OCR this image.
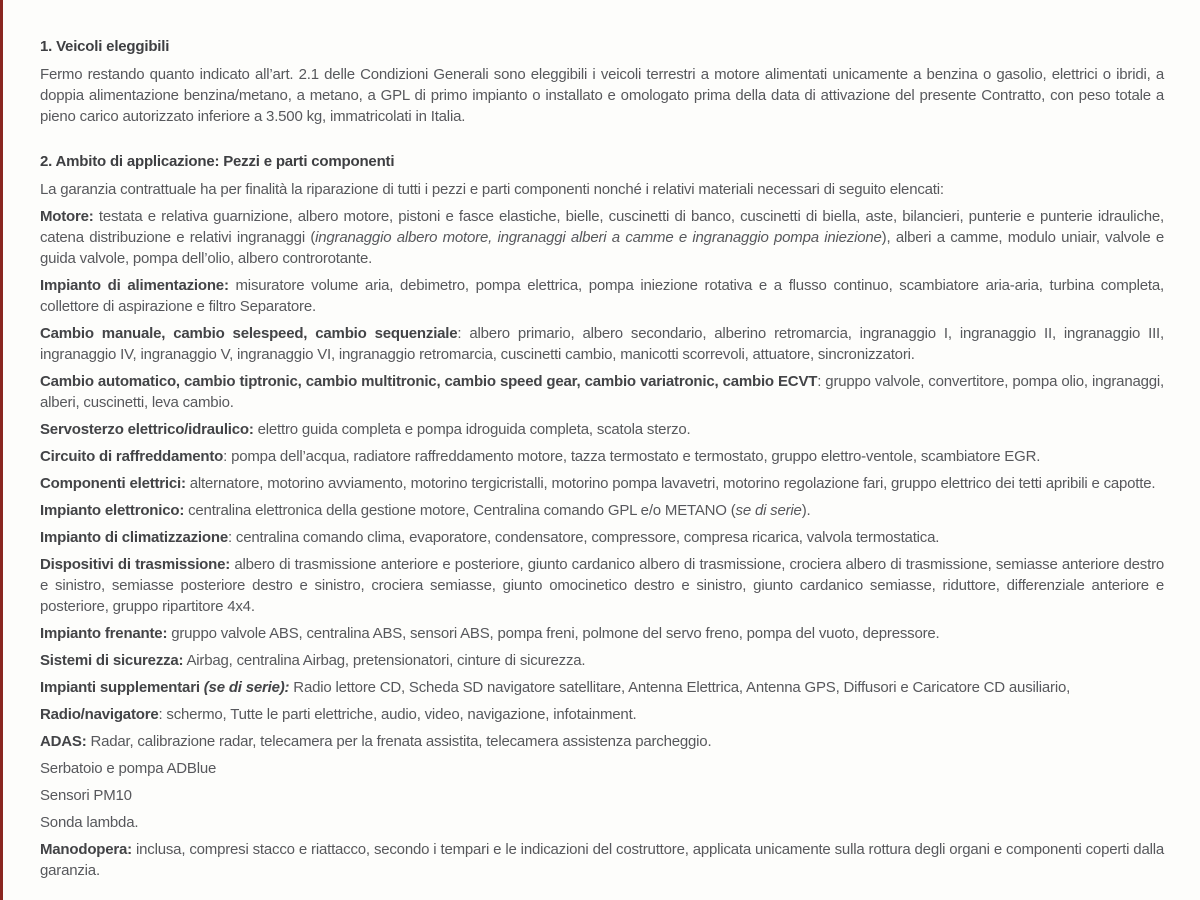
1. Veicoli eleggibili

Fermo restando quanto indicato all’art. 2.1 delle Condizioni Generali sono eleggibili i veicoli terrestri a motore alimentati unicamente a benzina o gasolio, elettrici o ibridi, a doppia alimentazione benzina/metano, a metano, a GPL di primo impianto o installato e omologato prima della data di attivazione del presente Contratto, con peso totale a pieno carico autorizzato inferiore a 3.500 kg, immatricolati in Italia.

2. Ambito di applicazione: Pezzi e parti componenti

La garanzia contrattuale ha per finalità la riparazione di tutti i pezzi e parti componenti nonché i relativi materiali necessari di seguito elencati:

Motore: testata e relativa guarnizione, albero motore, pistoni e fasce elastiche, bielle, cuscinetti di banco, cuscinetti di biella, aste, bilancieri, punterie e punterie idrauliche, catena distribuzione e relativi ingranaggi (ingranaggio albero motore, ingranaggi alberi a camme e ingranaggio pompa iniezione), alberi a camme, modulo uniair, valvole e guida valvole, pompa dell’olio, albero controrotante.

Impianto di alimentazione: misuratore volume aria, debimetro, pompa elettrica, pompa iniezione rotativa e a flusso continuo, scambiatore aria-aria, turbina completa, collettore di aspirazione e filtro Separatore.

Cambio manuale, cambio selespeed, cambio sequenziale: albero primario, albero secondario, alberino retromarcia, ingranaggio I, ingranaggio II, ingranaggio III, ingranaggio IV, ingranaggio V, ingranaggio VI, ingranaggio retromarcia, cuscinetti cambio, manicotti scorrevoli, attuatore, sincronizzatori.

Cambio automatico, cambio tiptronic, cambio multitronic, cambio speed gear, cambio variatronic, cambio ECVT: gruppo valvole, convertitore, pompa olio, ingranaggi, alberi, cuscinetti, leva cambio.

Servosterzo elettrico/idraulico: elettro guida completa e pompa idroguida completa, scatola sterzo.

Circuito di raffreddamento: pompa dell’acqua, radiatore raffreddamento motore, tazza termostato e termostato, gruppo elettro-ventole, scambiatore EGR.

Componenti elettrici: alternatore, motorino avviamento, motorino tergicristalli, motorino pompa lavavetri, motorino regolazione fari, gruppo elettrico dei tetti apribili e capotte.

Impianto elettronico: centralina elettronica della gestione motore, Centralina comando GPL e/o METANO (se di serie).

Impianto di climatizzazione: centralina comando clima, evaporatore, condensatore, compressore, compresa ricarica, valvola termostatica.

Dispositivi di trasmissione: albero di trasmissione anteriore e posteriore, giunto cardanico albero di trasmissione, crociera albero di trasmissione, semiasse anteriore destro e sinistro, semiasse posteriore destro e sinistro, crociera semiasse, giunto omocinetico destro e sinistro, giunto cardanico semiasse, riduttore, differenziale anteriore e posteriore, gruppo ripartitore 4x4.

Impianto frenante: gruppo valvole ABS, centralina ABS, sensori ABS, pompa freni, polmone del servo freno, pompa del vuoto, depressore.

Sistemi di sicurezza: Airbag, centralina Airbag, pretensionatori, cinture di sicurezza.

Impianti supplementari (se di serie): Radio lettore CD, Scheda SD navigatore satellitare, Antenna Elettrica, Antenna GPS, Diffusori e Caricatore CD ausiliario,

Radio/navigatore: schermo, Tutte le parti elettriche, audio, video, navigazione, infotainment.

ADAS: Radar, calibrazione radar, telecamera per la frenata assistita, telecamera assistenza parcheggio.

Serbatoio e pompa ADBlue

Sensori PM10

Sonda lambda.

Manodopera: inclusa, compresi stacco e riattacco, secondo i tempari e le indicazioni del costruttore, applicata unicamente sulla rottura degli organi e componenti coperti dalla garanzia.
